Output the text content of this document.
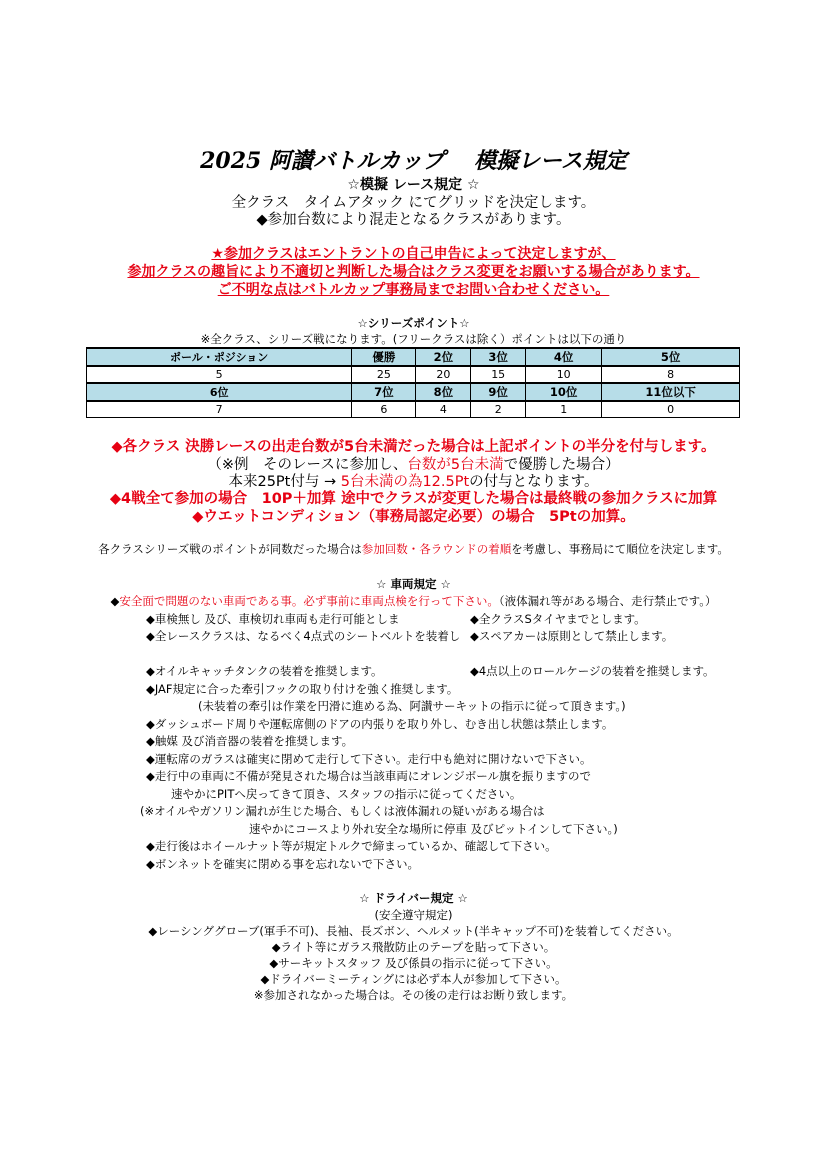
2025 阿讃バトルカップ　 模擬レース規定
☆模擬 レース規定 ☆
全クラス　タイムアタック にてグリッドを決定します。
◆参加台数により混走となるクラスがあります。
★参加クラスはエントラントの自己申告によって決定しますが、
参加クラスの趣旨により不適切と判断した場合はクラス変更をお願いする場合があります。
ご不明な点はバトルカップ事務局までお問い合わせください。
☆シリーズポイント☆
※全クラス、シリーズ戦になります。(フリークラスは除く）ポイントは以下の通り
ポール・ポジション	優勝	2位	3位	4位	5位
5	25	20	15	10	8
6位	7位	8位	9位	10位	11位以下
7	6	4	2	1	0
◆各クラス 決勝レースの出走台数が5台未満だった場合は上記ポイントの半分を付与します。
（※例　そのレースに参加し、台数が5台未満で優勝した場合）
本来25Pt付与 → 5台未満の為12.5Ptの付与となります。
◆4戦全て参加の場合　10P＋加算 途中でクラスが変更した場合は最終戦の参加クラスに加算
◆ウエットコンディション（事務局認定必要）の場合　5Ptの加算。
各クラスシリーズ戦のポイントが同数だった場合は参加回数・各ラウンドの着順を考慮し、事務局にて順位を決定します。
☆ 車両規定 ☆
◆安全面で問題のない車両である事。必ず事前に車両点検を行って下さい。（液体漏れ等がある場合、走行禁止です。）
◆車検無し 及び、車検切れ車両も走行可能としま	◆全クラスSタイヤまでとします。
◆全レースクラスは、なるべく4点式のシートベルトを装着し ◆スペアカーは原則として禁止します。
◆オイルキャッチタンクの装着を推奨します。	◆4点以上のロールケージの装着を推奨します。
◆JAF規定に合った牽引フックの取り付けを強く推奨します。
(未装着の牽引は作業を円滑に進める為、阿讃サーキットの指示に従って頂きます。)
◆ダッシュボード周りや運転席側のドアの内張りを取り外し、むき出し状態は禁止します。
◆触媒 及び消音器の装着を推奨します。
◆運転席のガラスは確実に閉めて走行して下さい。走行中も絶対に開けないで下さい。
◆走行中の車両に不備が発見された場合は当該車両にオレンジボール旗を振りますので
速やかにPITへ戻ってきて頂き、スタッフの指示に従ってください。
(※オイルやガソリン漏れが生じた場合、もしくは液体漏れの疑いがある場合は
速やかにコースより外れ安全な場所に停車 及びピットインして下さい。)
◆走行後はホイールナット等が規定トルクで締まっているか、確認して下さい。
◆ボンネットを確実に閉める事を忘れないで下さい。
☆ ドライバー規定 ☆
(安全遵守規定)
◆レーシンググローブ(軍手不可)、長袖、長ズボン、ヘルメット(半キャップ不可)を装着してください。
◆ライト等にガラス飛散防止のテープを貼って下さい。
◆サーキットスタッフ 及び係員の指示に従って下さい。
◆ドライバーミーティングには必ず本人が参加して下さい。
※参加されなかった場合は。その後の走行はお断り致します。
